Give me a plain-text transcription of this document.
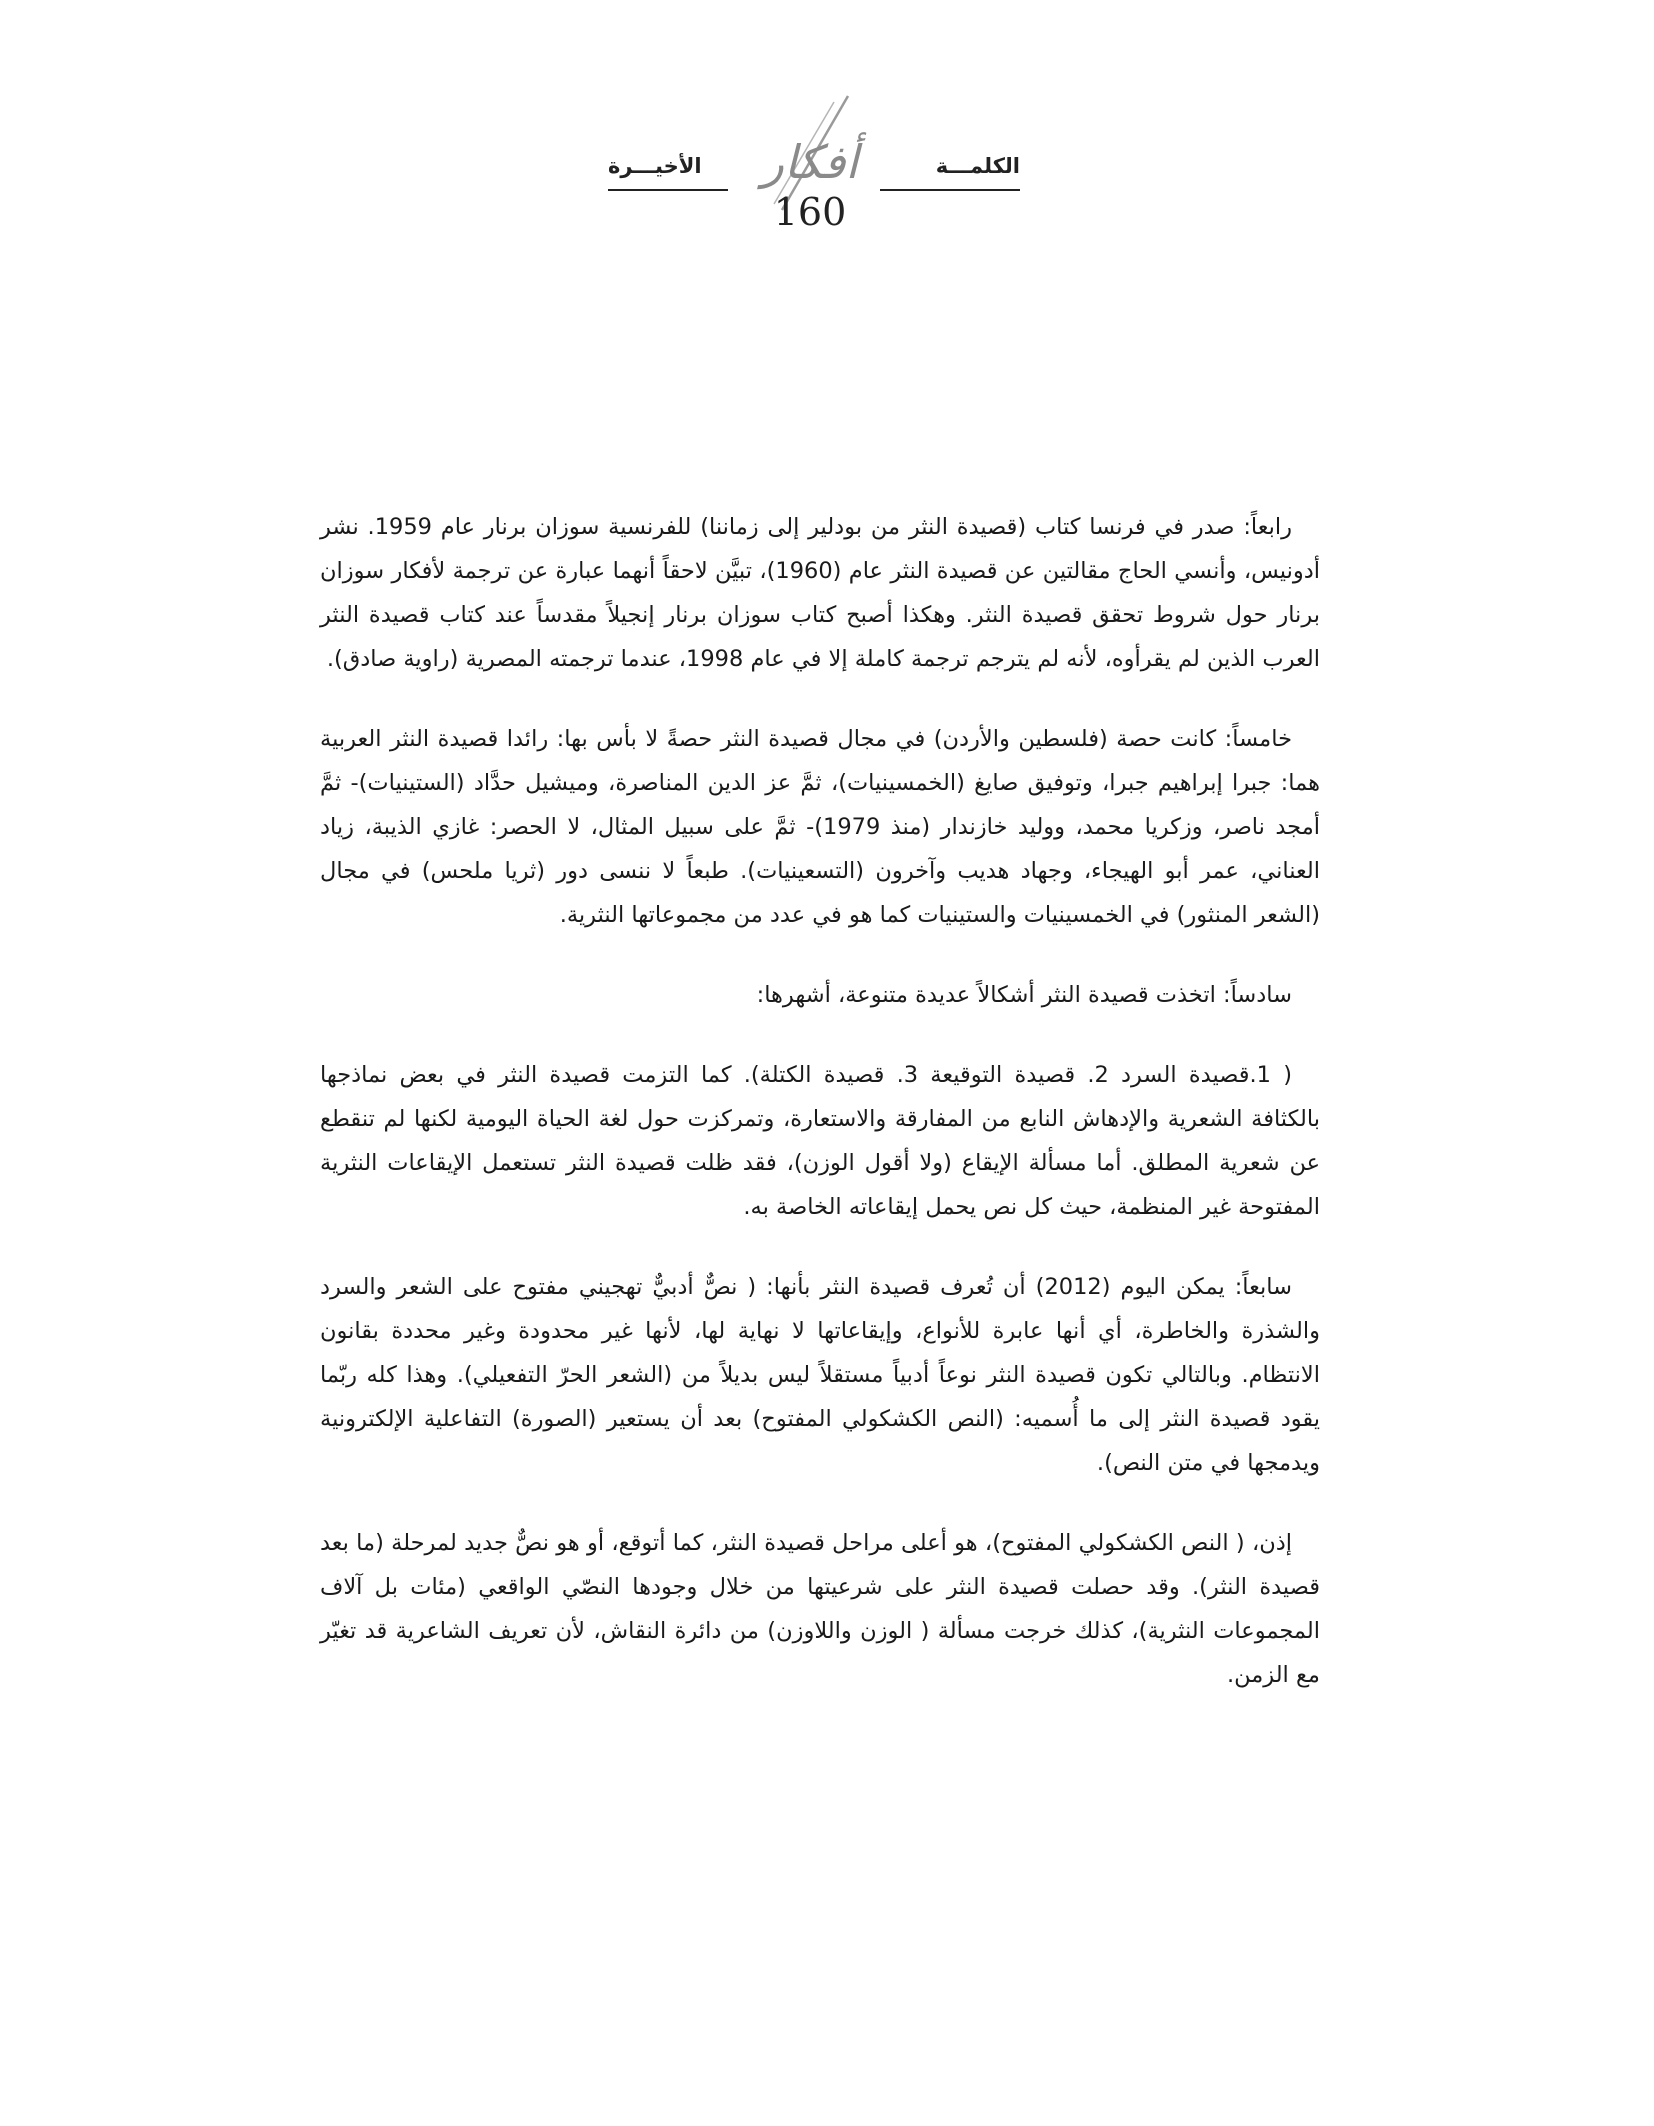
الكلمـــة
أفكار
الأخيـــرة
160

رابعاً: صدر في فرنسا كتاب (قصيدة النثر من بودلير إلى زماننا) للفرنسية سوزان برنار عام 1959. نشر أدونيس، وأنسي الحاج مقالتين عن قصيدة النثر عام (1960)، تبيَّن لاحقاً أنهما عبارة عن ترجمة لأفكار سوزان برنار حول شروط تحقق قصيدة النثر. وهكذا أصبح كتاب سوزان برنار إنجيلاً مقدساً عند كتاب قصيدة النثر العرب الذين لم يقرأوه، لأنه لم يترجم ترجمة كاملة إلا في عام 1998، عندما ترجمته المصرية (راوية صادق).

خامساً: كانت حصة (فلسطين والأردن) في مجال قصيدة النثر حصةً لا بأس بها: رائدا قصيدة النثر العربية هما: جبرا إبراهيم جبرا، وتوفيق صايغ (الخمسينيات)، ثمَّ عز الدين المناصرة، وميشيل حدَّاد (الستينيات)- ثمَّ أمجد ناصر، وزكريا محمد، ووليد خازندار (منذ 1979)- ثمَّ على سبيل المثال، لا الحصر: غازي الذيبة، زياد العناني، عمر أبو الهيجاء، وجهاد هديب وآخرون (التسعينيات). طبعاً لا ننسى دور (ثريا ملحس) في مجال (الشعر المنثور) في الخمسينيات والستينيات كما هو في عدد من مجموعاتها النثرية.

سادساً: اتخذت قصيدة النثر أشكالاً عديدة متنوعة، أشهرها:

( 1.قصيدة السرد 2. قصيدة التوقيعة 3. قصيدة الكتلة). كما التزمت قصيدة النثر في بعض نماذجها بالكثافة الشعرية والإدهاش النابع من المفارقة والاستعارة، وتمركزت حول لغة الحياة اليومية لكنها لم تنقطع عن شعرية المطلق. أما مسألة الإيقاع (ولا أقول الوزن)، فقد ظلت قصيدة النثر تستعمل الإيقاعات النثرية المفتوحة غير المنظمة، حيث كل نص يحمل إيقاعاته الخاصة به.

سابعاً: يمكن اليوم (2012) أن تُعرف قصيدة النثر بأنها: ( نصٌّ أدبيٌّ تهجيني مفتوح على الشعر والسرد والشذرة والخاطرة، أي أنها عابرة للأنواع، وإيقاعاتها لا نهاية لها، لأنها غير محدودة وغير محددة بقانون الانتظام. وبالتالي تكون قصيدة النثر نوعاً أدبياً مستقلاً ليس بديلاً من (الشعر الحرّ التفعيلي). وهذا كله ربّما يقود قصيدة النثر إلى ما أُسميه: (النص الكشكولي المفتوح) بعد أن يستعير (الصورة) التفاعلية الإلكترونية ويدمجها في متن النص).

إذن، ( النص الكشكولي المفتوح)، هو أعلى مراحل قصيدة النثر، كما أتوقع، أو هو نصٌّ جديد لمرحلة (ما بعد قصيدة النثر). وقد حصلت قصيدة النثر على شرعيتها من خلال وجودها النصّي الواقعي (مئات بل آلاف المجموعات النثرية)، كذلك خرجت مسألة ( الوزن واللاوزن) من دائرة النقاش، لأن تعريف الشاعرية قد تغيّر مع الزمن.
